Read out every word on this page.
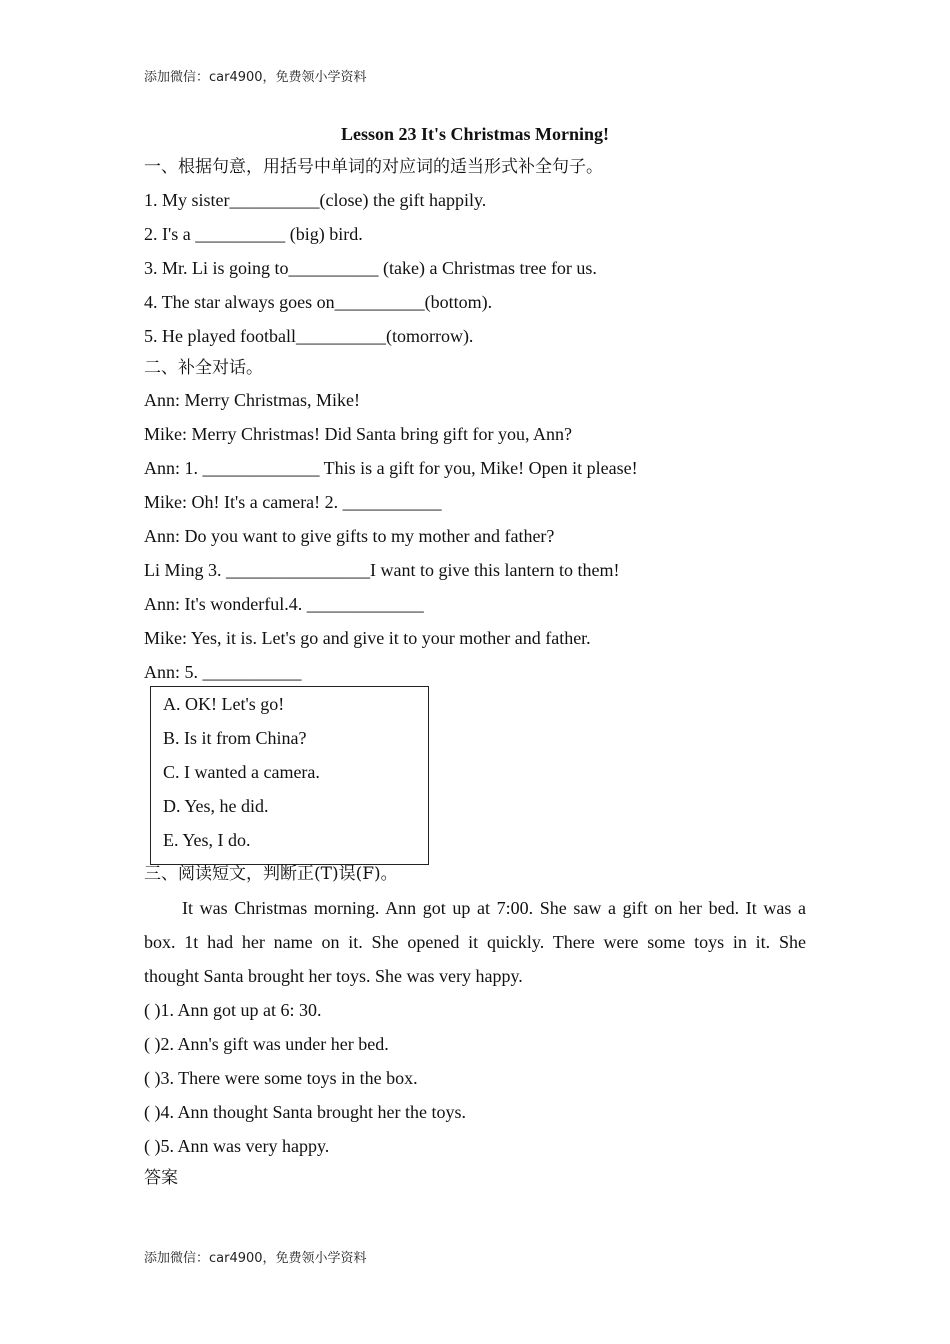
添加微信：car4900，免费领小学资料
Lesson 23 It's Christmas Morning!
一、根据句意，用括号中单词的对应词的适当形式补全句子。
1. My sister__________(close) the gift happily.
2. I's a __________ (big) bird.
3. Mr. Li is going to__________ (take) a Christmas tree for us.
4. The star always goes on__________(bottom).
5. He played football__________(tomorrow).
二、补全对话。
Ann: Merry Christmas, Mike!
Mike: Merry Christmas! Did Santa bring gift for you, Ann?
Ann: 1. _____________ This is a gift for you, Mike! Open it please!
Mike: Oh! It's a camera! 2. ___________
Ann: Do you want to give gifts to my mother and father?
Li Ming 3. ________________I want to give this lantern to them!
Ann: It's wonderful.4. _____________
Mike: Yes, it is. Let's go and give it to your mother and father.
Ann: 5. ___________
A. OK! Let's go!
B. Is it from China?
C. I wanted a camera.
D. Yes, he did.
E. Yes, I do.
三、阅读短文，判断正(T)误(F)。
It was Christmas morning. Ann got up at 7:00. She saw a gift on her bed. It was a
box. 1t had her name on it. She opened it quickly. There were some toys in it. She
thought Santa brought her toys. She was very happy.
( )1. Ann got up at 6: 30.
( )2. Ann's gift was under her bed.
( )3. There were some toys in the box.
( )4. Ann thought Santa brought her the toys.
( )5. Ann was very happy.
答案
添加微信：car4900，免费领小学资料
